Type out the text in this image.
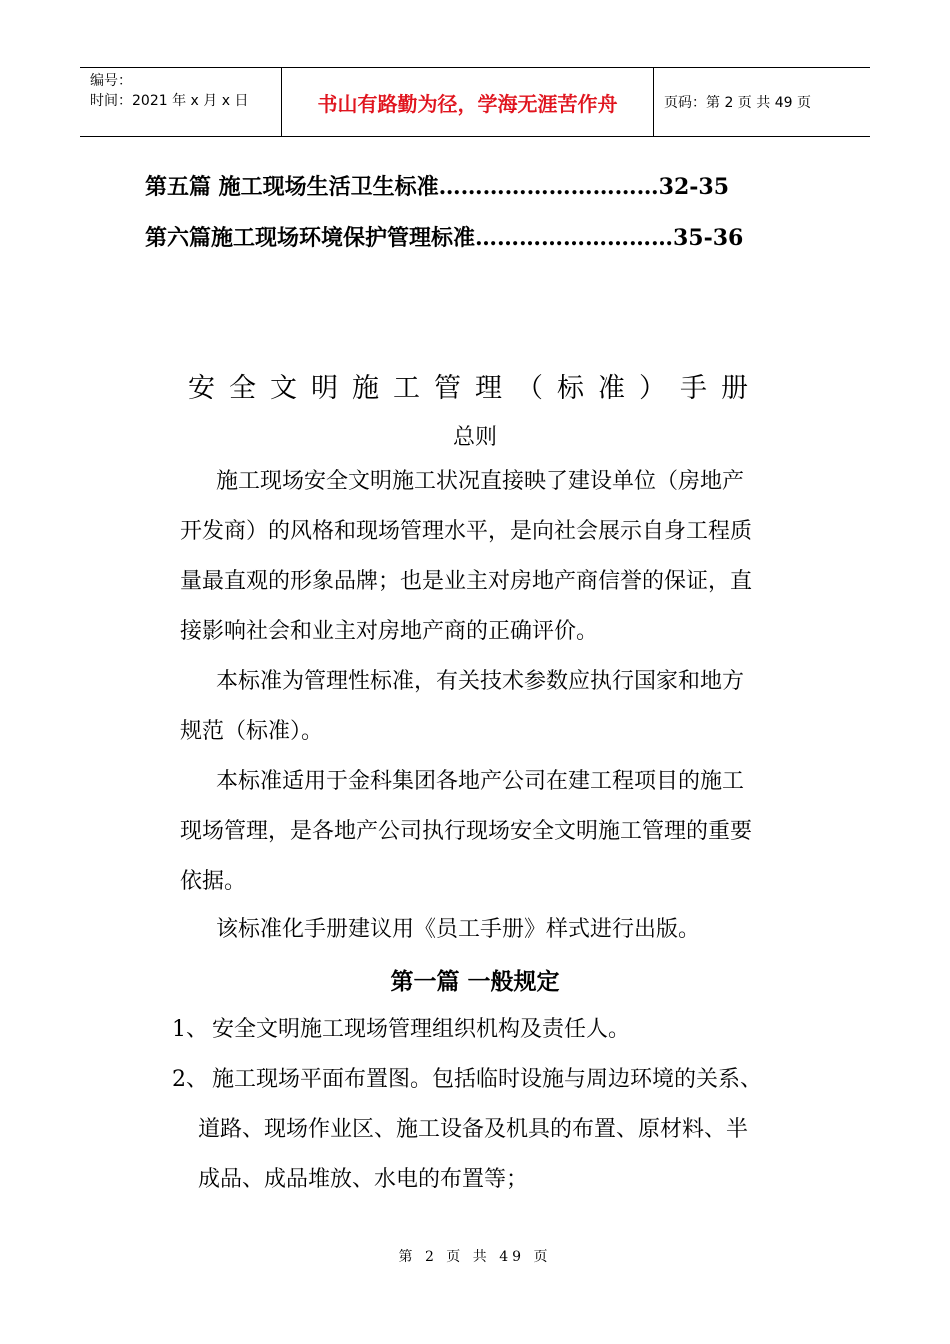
编号：
时间：2021 年 x 月 x 日	书山有路勤为径，学海无涯苦作舟	页码：第 2 页 共 49 页
第五篇 施工现场生活卫生标准…………………………32-35
第六篇施工现场环境保护管理标准………………………35-36
安全文明施工管理（标准）手册
总则
施工现场安全文明施工状况直接映了建设单位（房地产
开发商）的风格和现场管理水平，是向社会展示自身工程质
量最直观的形象品牌；也是业主对房地产商信誉的保证，直
接影响社会和业主对房地产商的正确评价。
本标准为管理性标准，有关技术参数应执行国家和地方
规范（标准）。
本标准适用于金科集团各地产公司在建工程项目的施工
现场管理，是各地产公司执行现场安全文明施工管理的重要
依据。
该标准化手册建议用《员工手册》样式进行出版。
第一篇 一般规定
1、 安全文明施工现场管理组织机构及责任人。
2、 施工现场平面布置图。包括临时设施与周边环境的关系、
道路、现场作业区、施工设备及机具的布置、原材料、半
成品、成品堆放、水电的布置等；
第 2 页 共 49 页
